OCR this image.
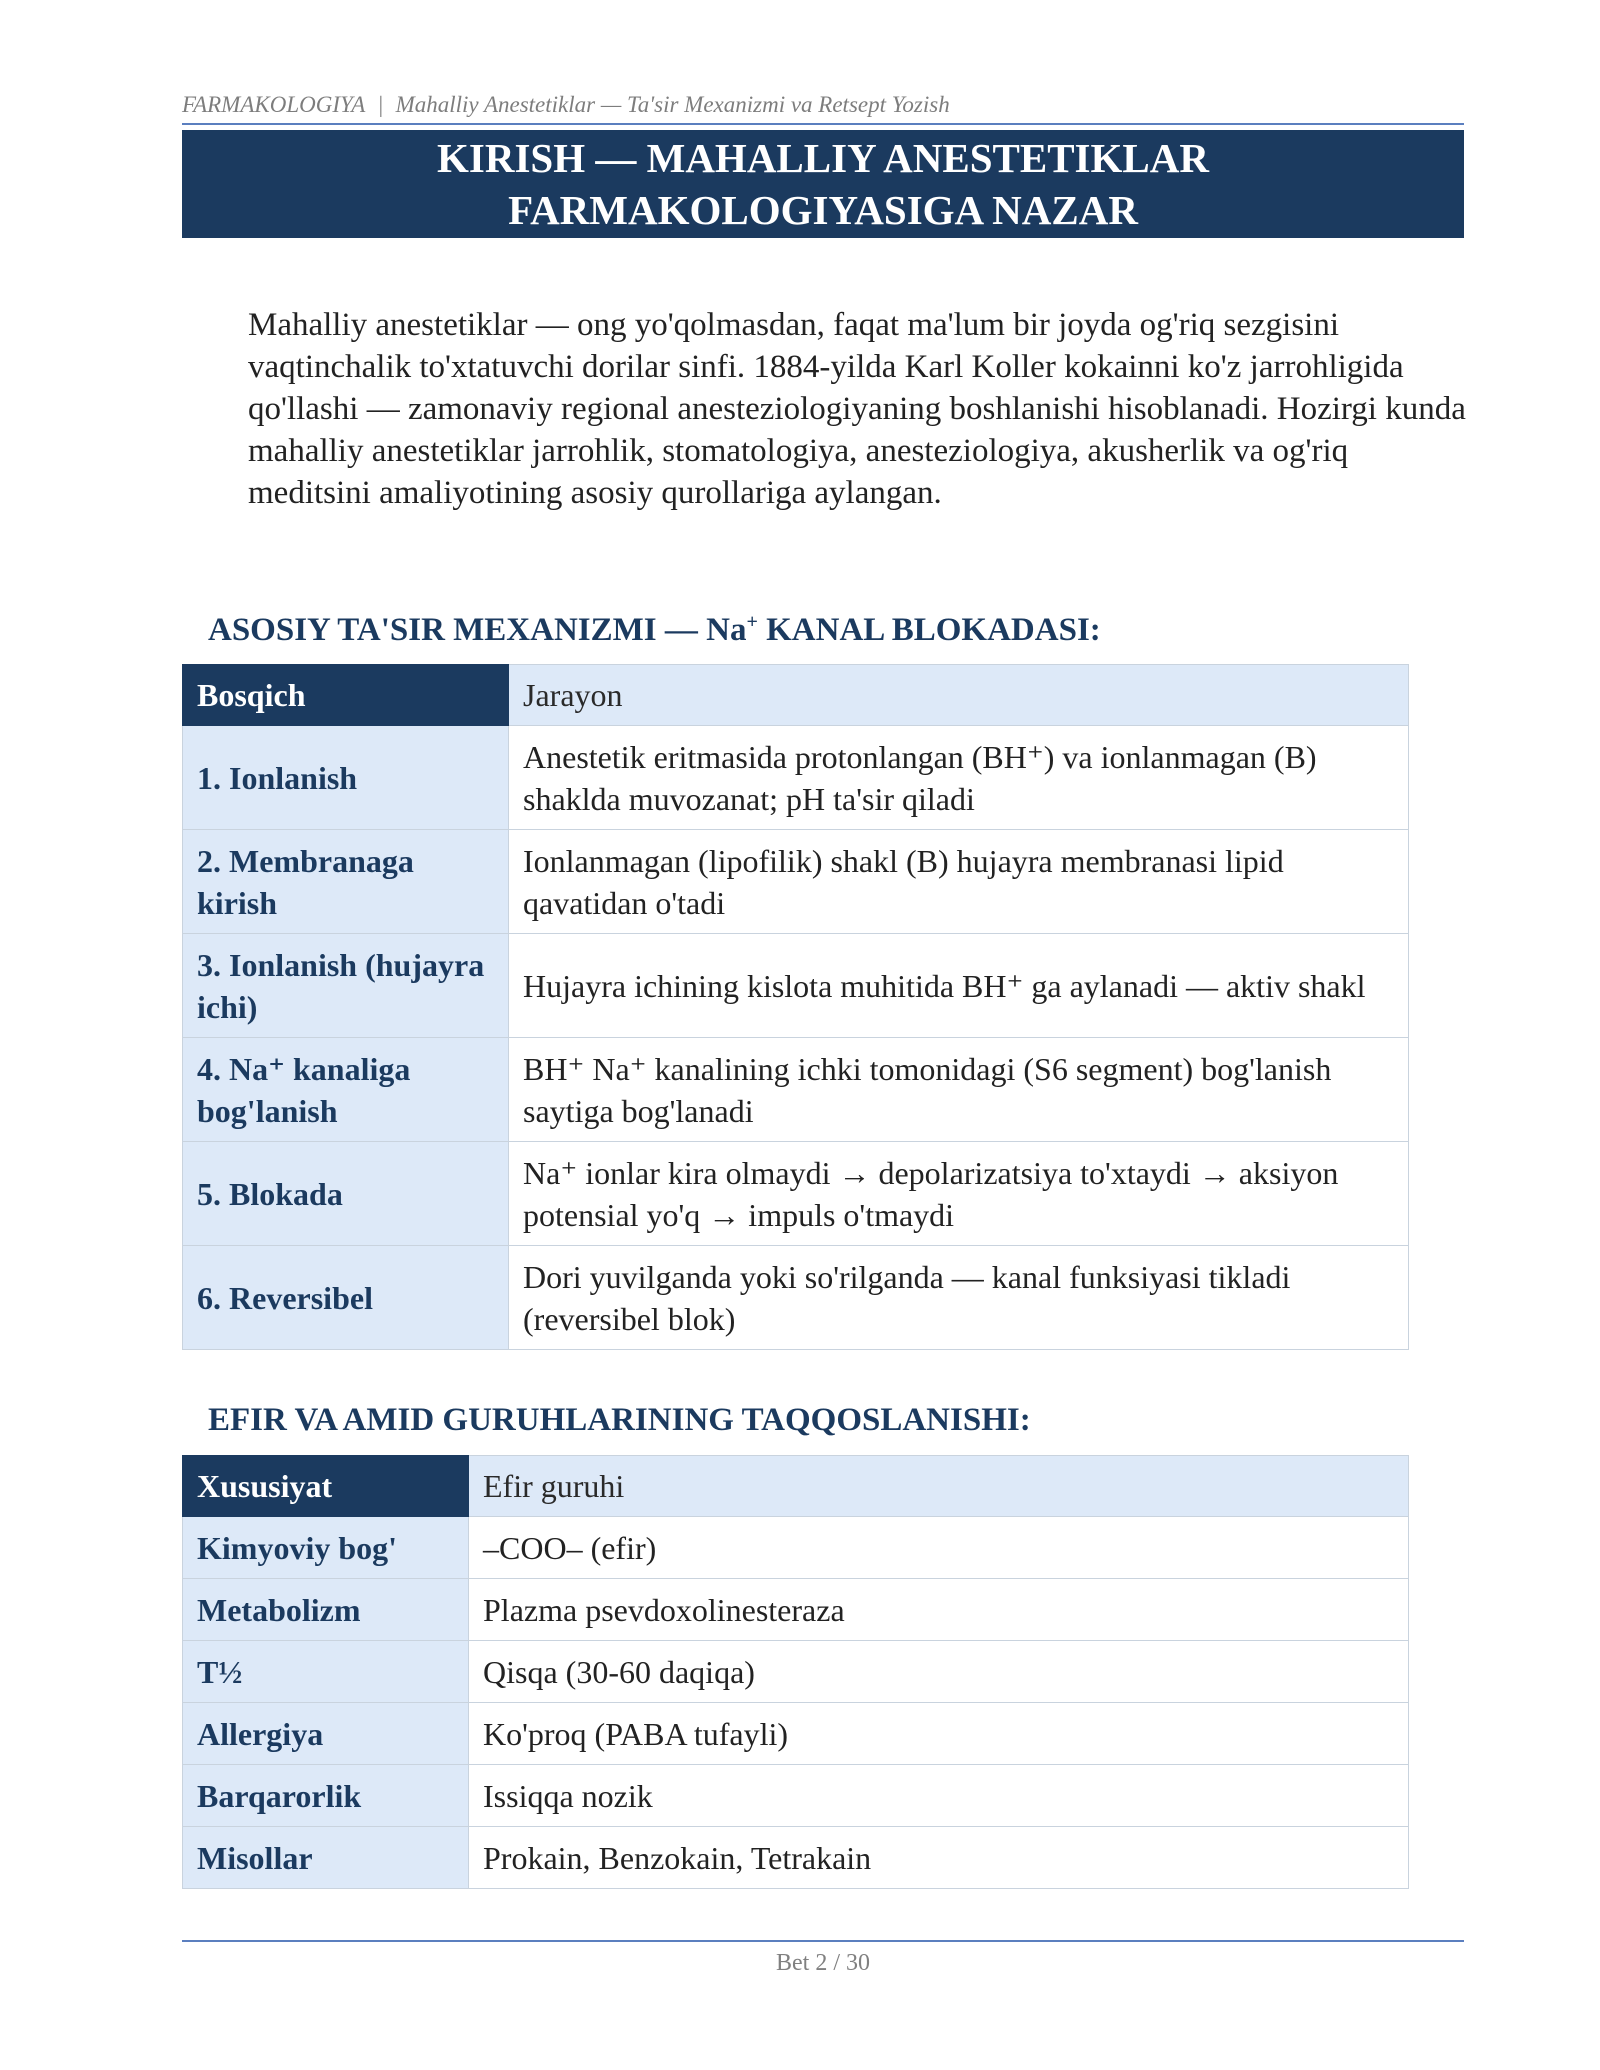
FARMAKOLOGIYA | Mahalliy Anestetiklar — Ta'sir Mexanizmi va Retsept Yozish
KIRISH — MAHALLIY ANESTETIKLAR
FARMAKOLOGIYASIGA NAZAR
Mahalliy anestetiklar — ong yo'qolmasdan, faqat ma'lum bir joyda og'riq sezgisini vaqtinchalik to'xtatuvchi dorilar sinfi. 1884-yilda Karl Koller kokainni ko'z jarrohligida qo'llashi — zamonaviy regional anesteziologiyaning boshlanishi hisoblanadi. Hozirgi kunda mahalliy anestetiklar jarrohlik, stomatologiya, anesteziologiya, akusherlik va og'riq meditsini amaliyotining asosiy qurollariga aylangan.
ASOSIY TA'SIR MEXANIZMI — Na+ KANAL BLOKADASI:
Bosqich	Jarayon
1. Ionlanish	Anestetik eritmasida protonlangan (BH⁺) va ionlanmagan (B) shaklda muvozanat; pH ta'sir qiladi
2. Membranaga kirish	Ionlanmagan (lipofilik) shakl (B) hujayra membranasi lipid qavatidan o'tadi
3. Ionlanish (hujayra ichi)	Hujayra ichining kislota muhitida BH⁺ ga aylanadi — aktiv shakl
4. Na⁺ kanaliga bog'lanish	BH⁺ Na⁺ kanalining ichki tomonidagi (S6 segment) bog'lanish saytiga bog'lanadi
5. Blokada	Na⁺ ionlar kira olmaydi → depolarizatsiya to'xtaydi → aksiyon potensial yo'q → impuls o'tmaydi
6. Reversibel	Dori yuvilganda yoki so'rilganda — kanal funksiyasi tikladi (reversibel blok)
EFIR VA AMID GURUHLARINING TAQQOSLANISHI:
Xususiyat	Efir guruhi
Kimyoviy bog'	–COO– (efir)
Metabolizm	Plazma psevdoxolinesteraza
T½	Qisqa (30-60 daqiqa)
Allergiya	Ko'proq (PABA tufayli)
Barqarorlik	Issiqqa nozik
Misollar	Prokain, Benzokain, Tetrakain
Bet 2 / 30
